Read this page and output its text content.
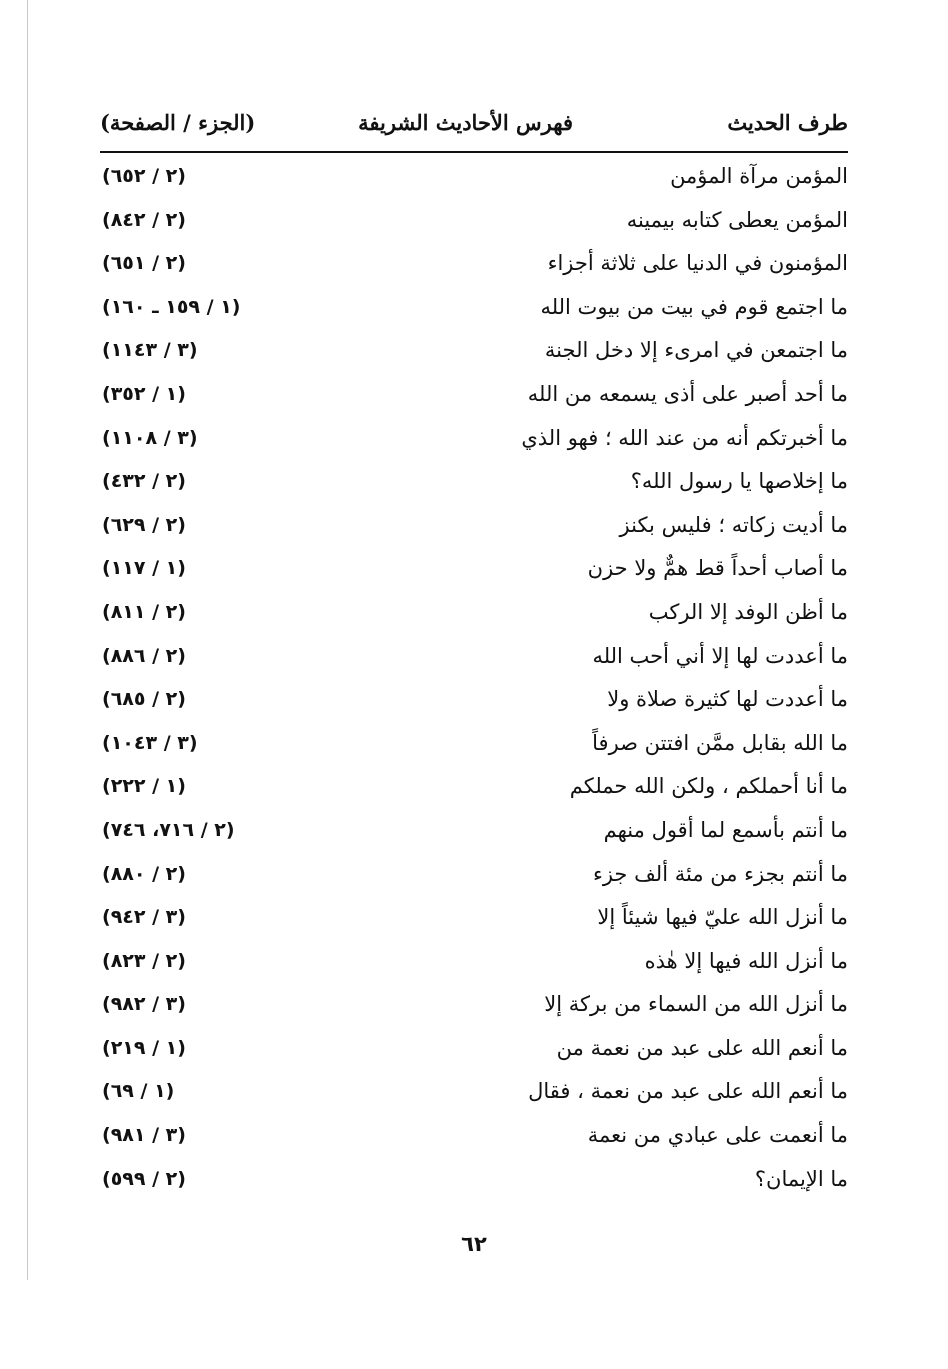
طرف الحديث
فهرس الأحاديث الشريفة
(الجزء / الصفحة)
المؤمن مرآة المؤمن
(٢ / ٦٥٢)
المؤمن يعطى كتابه بيمينه
(٢ / ٨٤٢)
المؤمنون في الدنيا على ثلاثة أجزاء
(٢ / ٦٥١)
ما اجتمع قوم في بيت من بيوت الله
(١ / ١٥٩ ـ ١٦٠)
ما اجتمعن في امرىء إلا دخل الجنة
(٣ / ١١٤٣)
ما أحد أصبر على أذى يسمعه من الله
(١ / ٣٥٢)
ما أخبرتكم أنه من عند الله ؛ فهو الذي
(٣ / ١١٠٨)
ما إخلاصها يا رسول الله؟
(٢ / ٤٣٢)
ما أديت زكاته ؛ فليس بكنز
(٢ / ٦٢٩)
ما أصاب أحداً قط همٌّ ولا حزن
(١ / ١١٧)
ما أظن الوفد إلا الركب
(٢ / ٨١١)
ما أعددت لها إلا أني أحب الله
(٢ / ٨٨٦)
ما أعددت لها كثيرة صلاة ولا
(٢ / ٦٨٥)
ما الله بقابل ممَّن افتتن صرفاً
(٣ / ١٠٤٣)
ما أنا أحملكم ، ولكن الله حملكم
(١ / ٢٢٢)
ما أنتم بأسمع لما أقول منهم
(٢ / ٧١٦، ٧٤٦)
ما أنتم بجزء من مئة ألف جزء
(٢ / ٨٨٠)
ما أنزل الله عليّ فيها شيئاً إلا
(٣ / ٩٤٢)
ما أنزل الله فيها إلا هٰذه
(٢ / ٨٢٣)
ما أنزل الله من السماء من بركة إلا
(٣ / ٩٨٢)
ما أنعم الله على عبد من نعمة من
(١ / ٢١٩)
ما أنعم الله على عبد من نعمة ، فقال
(١ / ٦٩)
ما أنعمت على عبادي من نعمة
(٣ / ٩٨١)
ما الإيمان؟
(٢ / ٥٩٩)
٦٢
